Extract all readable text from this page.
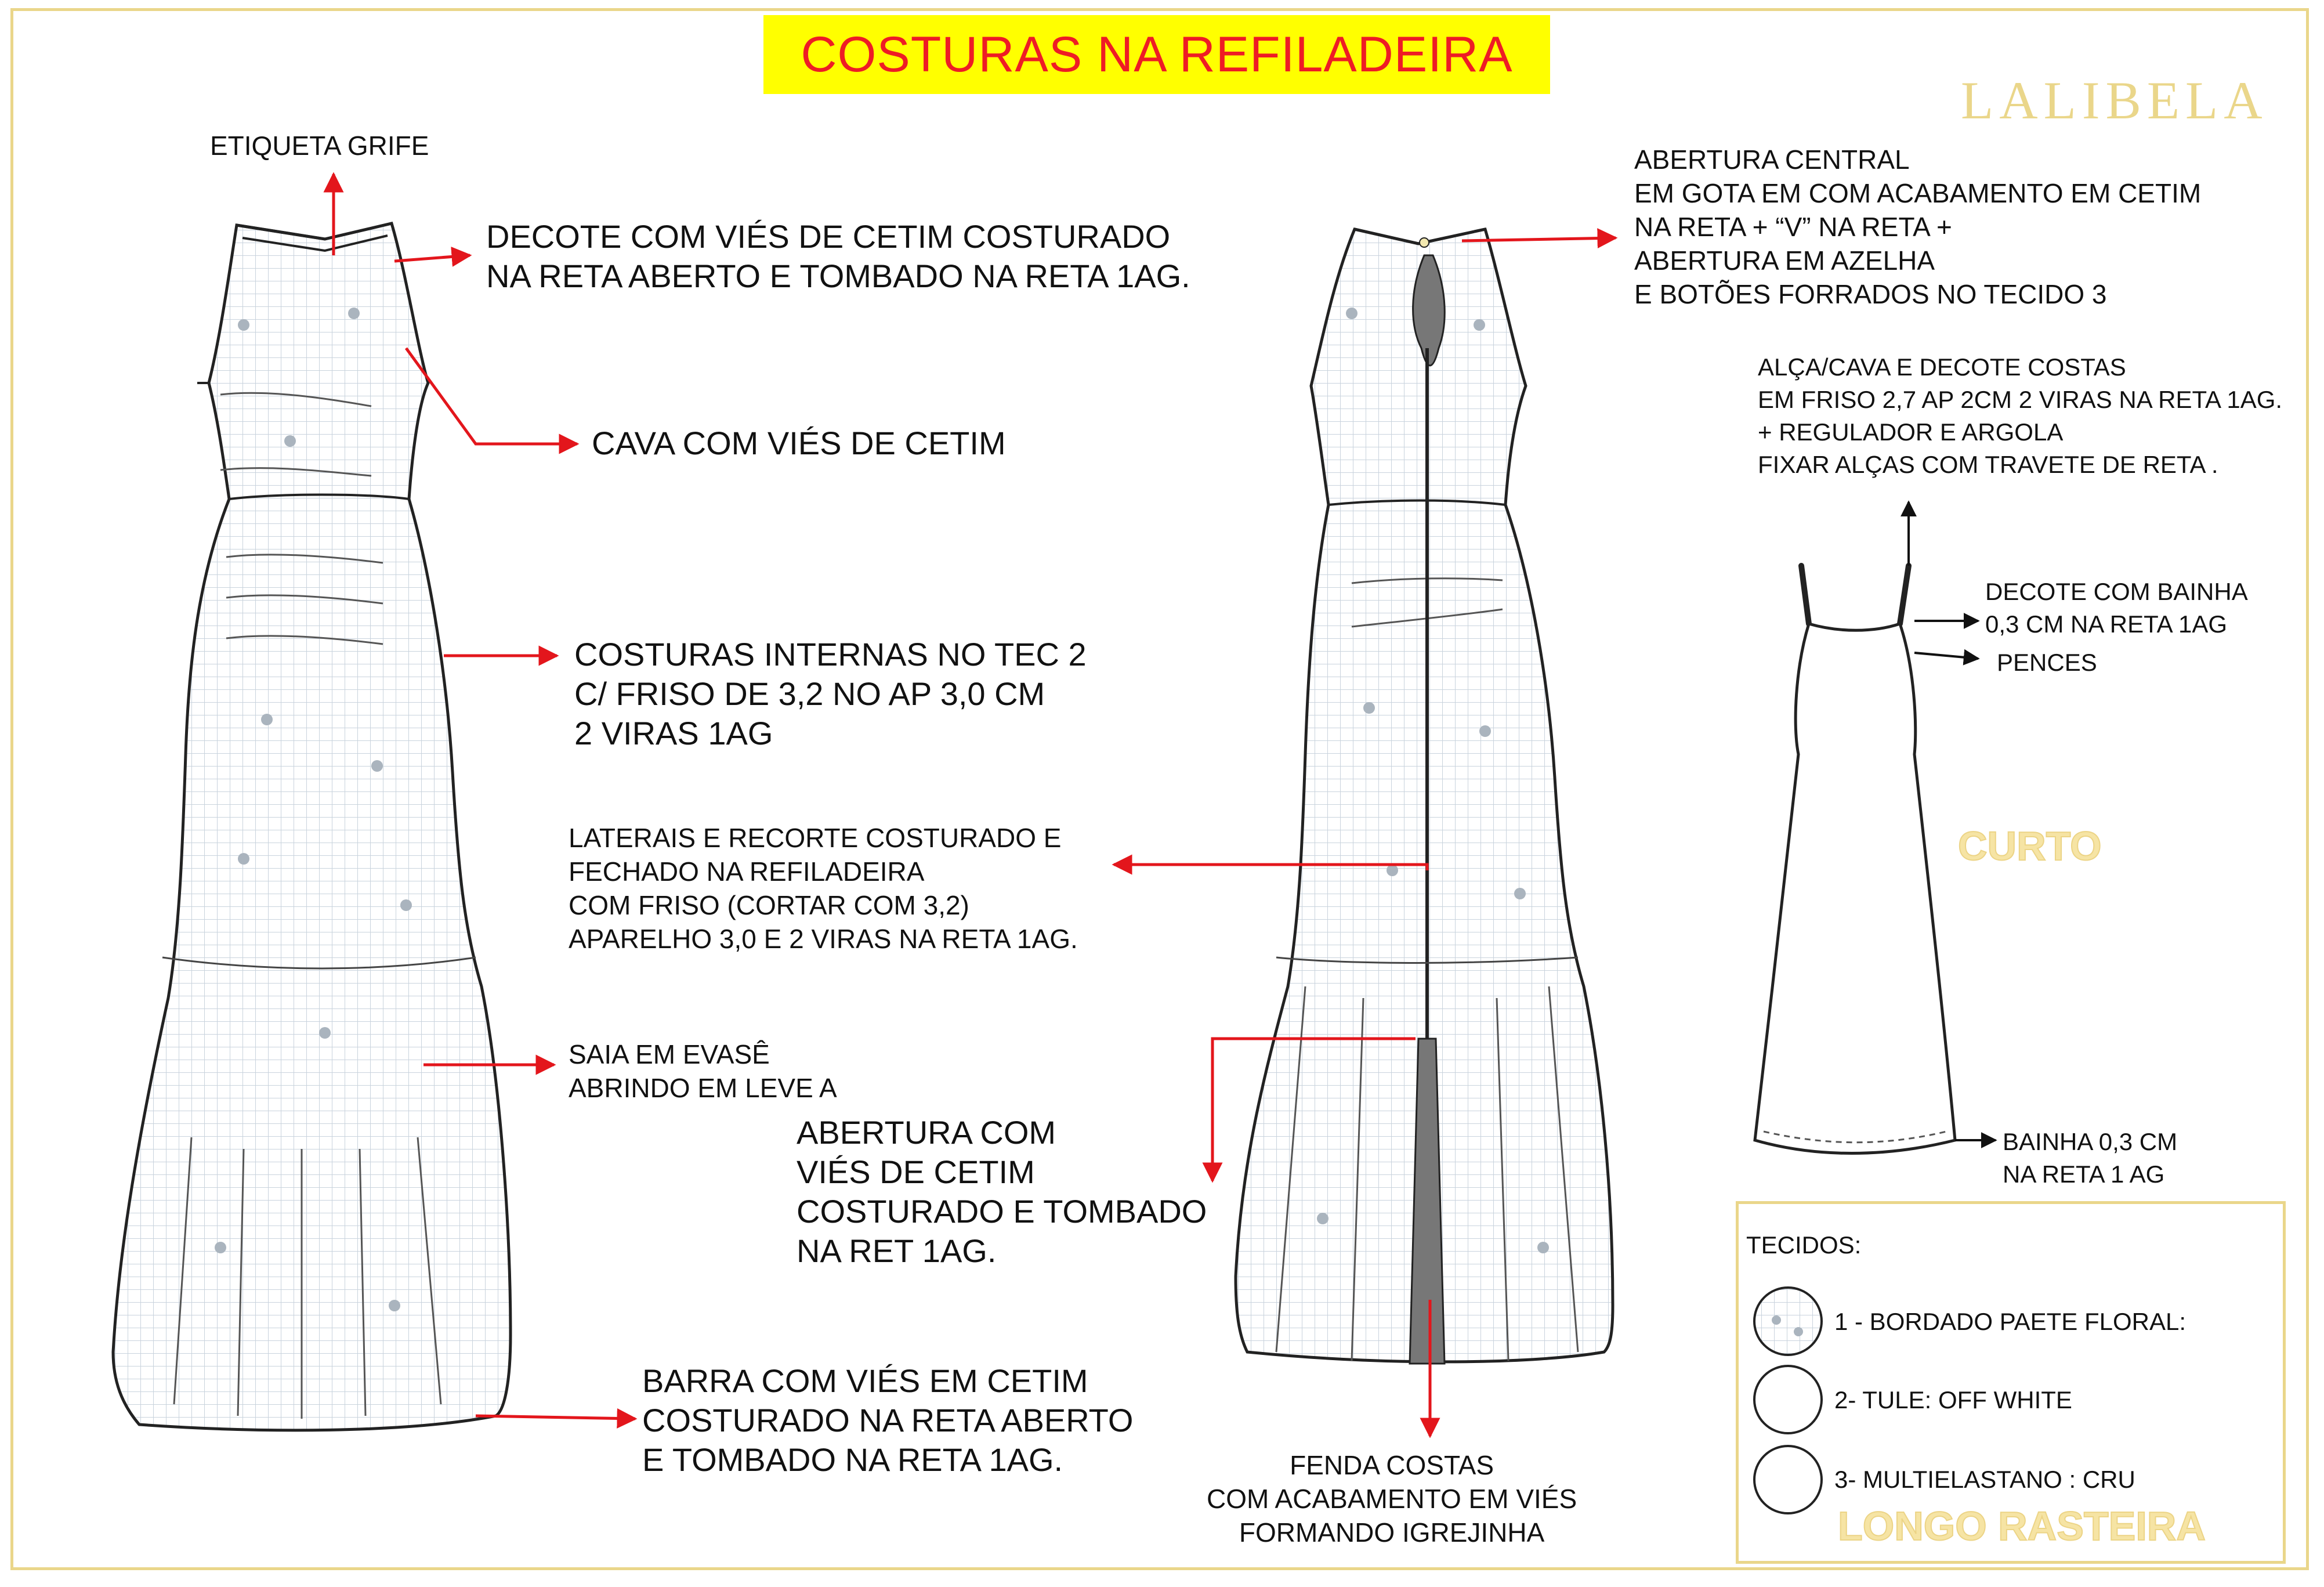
COSTURAS NA REFILADEIRA
LALIBELA
ETIQUETA GRIFE
DECOTE COM VIÉS DE CETIM COSTURADO
NA RETA ABERTO E TOMBADO NA RETA 1AG.
CAVA COM VIÉS DE CETIM
COSTURAS INTERNAS NO TEC 2
C/ FRISO DE 3,2 NO AP 3,0 CM
2 VIRAS 1AG
LATERAIS E RECORTE COSTURADO E
FECHADO NA REFILADEIRA
COM FRISO (CORTAR COM 3,2)
APARELHO 3,0 E 2 VIRAS NA RETA 1AG.
SAIA EM EVASÊ
ABRINDO EM LEVE A
ABERTURA COM
VIÉS DE CETIM
COSTURADO E TOMBADO
NA RET 1AG.
BARRA COM VIÉS EM CETIM
COSTURADO NA RETA ABERTO
E TOMBADO NA RETA 1AG.
ABERTURA CENTRAL
EM GOTA EM COM ACABAMENTO EM CETIM
NA RETA + “V” NA RETA +
ABERTURA EM AZELHA
E BOTÕES FORRADOS NO TECIDO 3
FENDA COSTAS
COM ACABAMENTO EM VIÉS
FORMANDO IGREJINHA
ALÇA/CAVA E DECOTE COSTAS
EM FRISO 2,7 AP 2CM 2 VIRAS NA RETA 1AG.
+ REGULADOR E ARGOLA
FIXAR ALÇAS COM TRAVETE DE RETA .
DECOTE COM BAINHA
0,3 CM NA RETA 1AG
PENCES
CURTO
BAINHA 0,3 CM
NA RETA 1 AG
TECIDOS:
1 - BORDADO PAETE FLORAL:
2- TULE: OFF WHITE
3- MULTIELASTANO : CRU
LONGO RASTEIRA
